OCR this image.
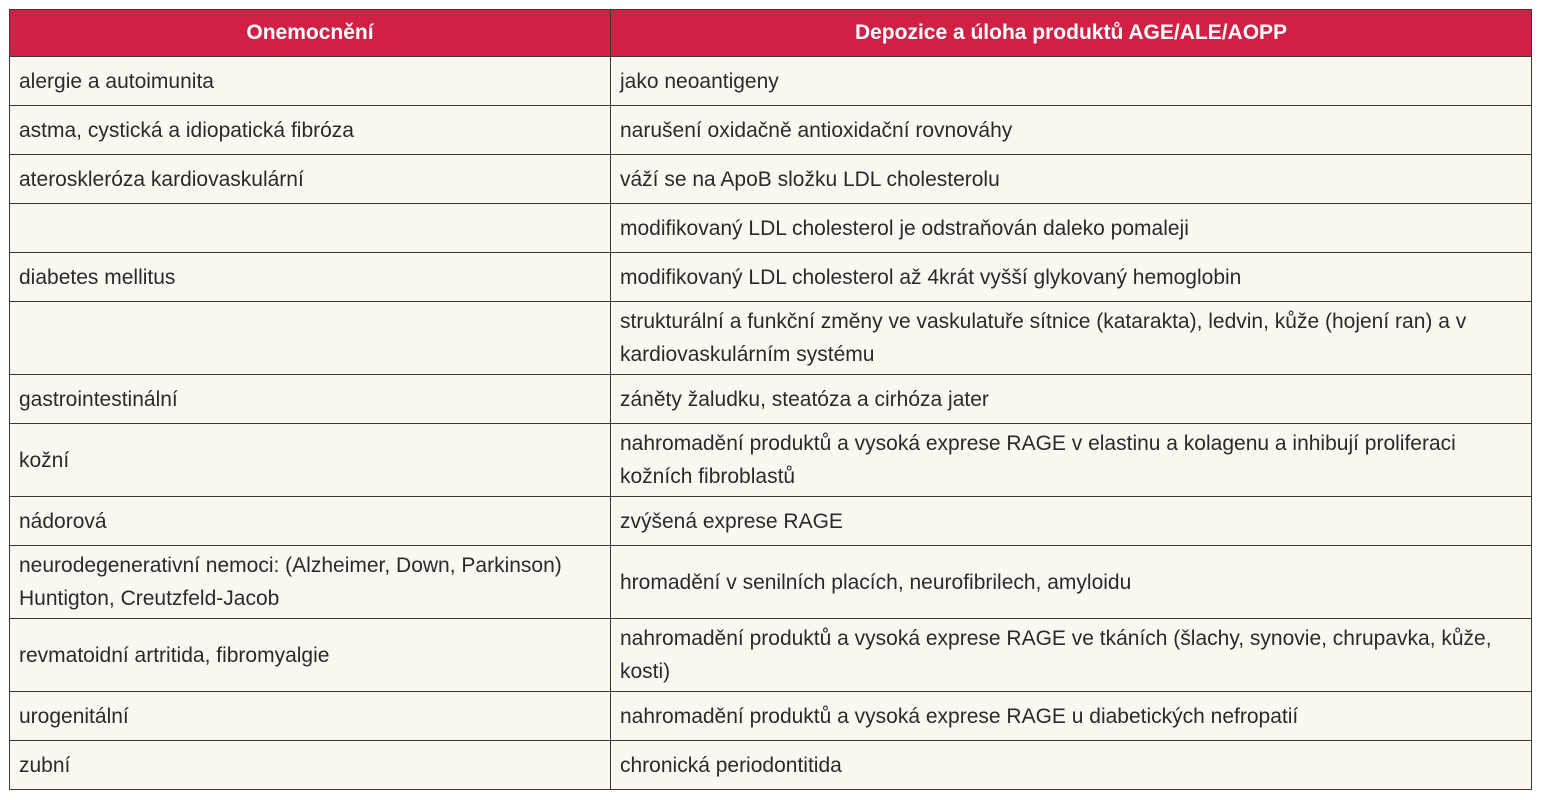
Onemocnění	Depozice a úloha produktů AGE/ALE/AOPP
alergie a autoimunita	jako neoantigeny
astma, cystická a idiopatická fibróza	narušení oxidačně antioxidační rovnováhy
ateroskleróza kardiovaskulární	váží se na ApoB složku LDL cholesterolu
	modifikovaný LDL cholesterol je odstraňován daleko pomaleji
diabetes mellitus	modifikovaný LDL cholesterol až 4krát vyšší glykovaný hemoglobin
	strukturální a funkční změny ve vaskulatuře sítnice (katarakta), ledvin, kůže (hojení ran) a v kardiovaskulárním systému
gastrointestinální	záněty žaludku, steatóza a cirhóza jater
kožní	nahromadění produktů a vysoká exprese RAGE v elastinu a kolagenu a inhibují proliferaci kožních fibroblastů
nádorová	zvýšená exprese RAGE
neurodegenerativní nemoci: (Alzheimer, Down, Parkinson) Huntigton, Creutzfeld-Jacob	hromadění v senilních placích, neurofibrilech, amyloidu
revmatoidní artritida, fibromyalgie	nahromadění produktů a vysoká exprese RAGE ve tkáních (šlachy, synovie, chrupavka, kůže, kosti)
urogenitální	nahromadění produktů a vysoká exprese RAGE u diabetických nefropatií
zubní	chronická periodontitida
